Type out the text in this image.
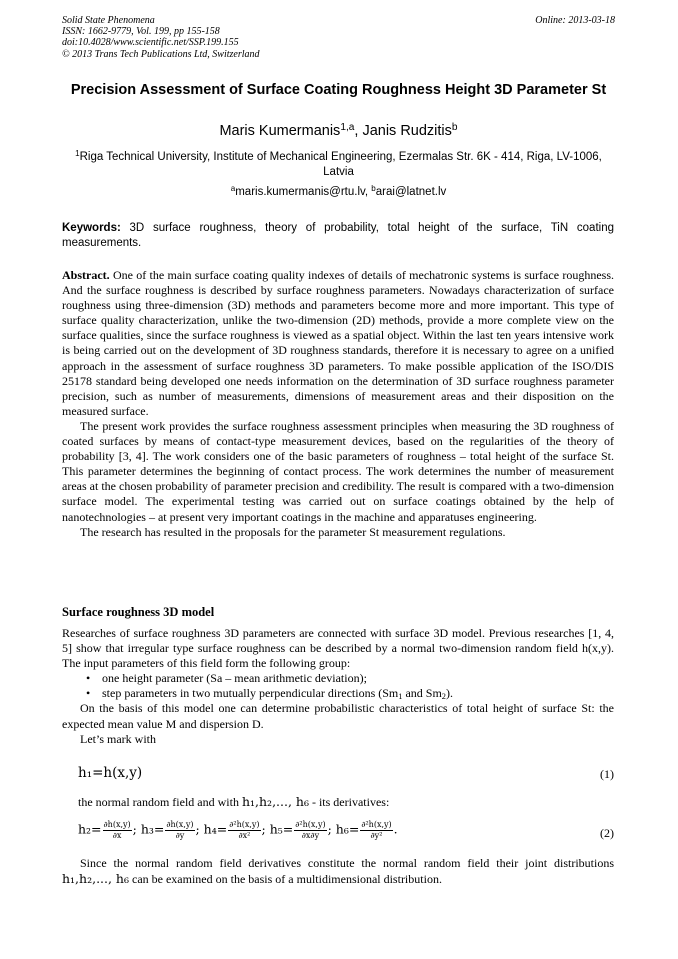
Solid State Phenomena
ISSN: 1662-9779, Vol. 199, pp 155-158
doi:10.4028/www.scientific.net/SSP.199.155
© 2013 Trans Tech Publications Ltd, Switzerland
Online: 2013-03-18
Precision Assessment of Surface Coating Roughness Height 3D Parameter St
Maris Kumermanis$^{1,a}$, Janis Rudzitis$^b$
$^1$Riga Technical University, Institute of Mechanical Engineering, Ezermalas Str. 6K - 414, Riga, LV-1006, Latvia
$^a$maris.kumermanis@rtu.lv, $^b$arai@latnet.lv
Keywords: 3D surface roughness, theory of probability, total height of the surface, TiN coating measurements.

Abstract. One of the main surface coating quality indexes of details of mechatronic systems is surface roughness. And the surface roughness is described by surface roughness parameters. Nowadays characterization of surface roughness using three-dimension (3D) methods and parameters become more and more important. This type of surface quality characterization, unlike the two-dimension (2D) methods, provide a more complete view on the surface qualities, since the surface roughness is viewed as a spatial object. Within the last ten years intensive work is being carried out on the development of 3D roughness standards, therefore it is necessary to agree on a unified approach in the assessment of surface roughness 3D parameters. To make possible application of the ISO/DIS 25178 standard being developed one needs information on the determination of 3D surface roughness parameter precision, such as number of measurements, dimensions of measurement areas and their disposition on the measured surface.

The present work provides the surface roughness assessment principles when measuring the 3D roughness of coated surfaces by means of contact-type measurement devices, based on the regularities of the theory of probability [3, 4]. The work considers one of the basic parameters of roughness – total height of the surface St. This parameter determines the beginning of contact process. The work determines the number of measurement areas at the chosen probability of parameter precision and credibility. The result is compared with a two-dimension surface model. The experimental testing was carried out on surface coatings obtained by the help of nanotechnologies – at present very important coatings in the machine and apparatuses engineering.

The research has resulted in the proposals for the parameter St measurement regulations.

Surface roughness 3D model

Researches of surface roughness 3D parameters are connected with surface 3D model. Previous researches [1, 4, 5] show that irregular type surface roughness can be described by a normal two-dimension random field h(x,y). The input parameters of this field form the following group:

• one height parameter (Sa – mean arithmetic deviation);
• step parameters in two mutually perpendicular directions ($Sm_1$ and $Sm_2$).

On the basis of this model one can determine probabilistic characteristics of total height of surface St: the expected mean value M and dispersion D.

Let’s mark with

h₁=h(x,y)	(1)
the normal random field and with h₁,h₂,..., h₆ - its derivatives:
$h_2= \frac{\partial h(x,y)}{\partial x}$ ; $h_3= \frac{\partial h(x,y)}{\partial y}$ ; $h_4= \frac{\text{∂²h(x,y)}}{\text{∂x²}}$ ; $h_5= \frac{\text{∂²h(x,y)}}{\partial x\partial y}$ ; $h_6= \frac{\text{∂²h(x,y)}}{\text{∂y²}}$ .	(2)

Since the normal random field derivatives constitute the normal random field their joint distributions h₁,h₂,..., h₆ can be examined on the basis of a multidimensional distribution.
